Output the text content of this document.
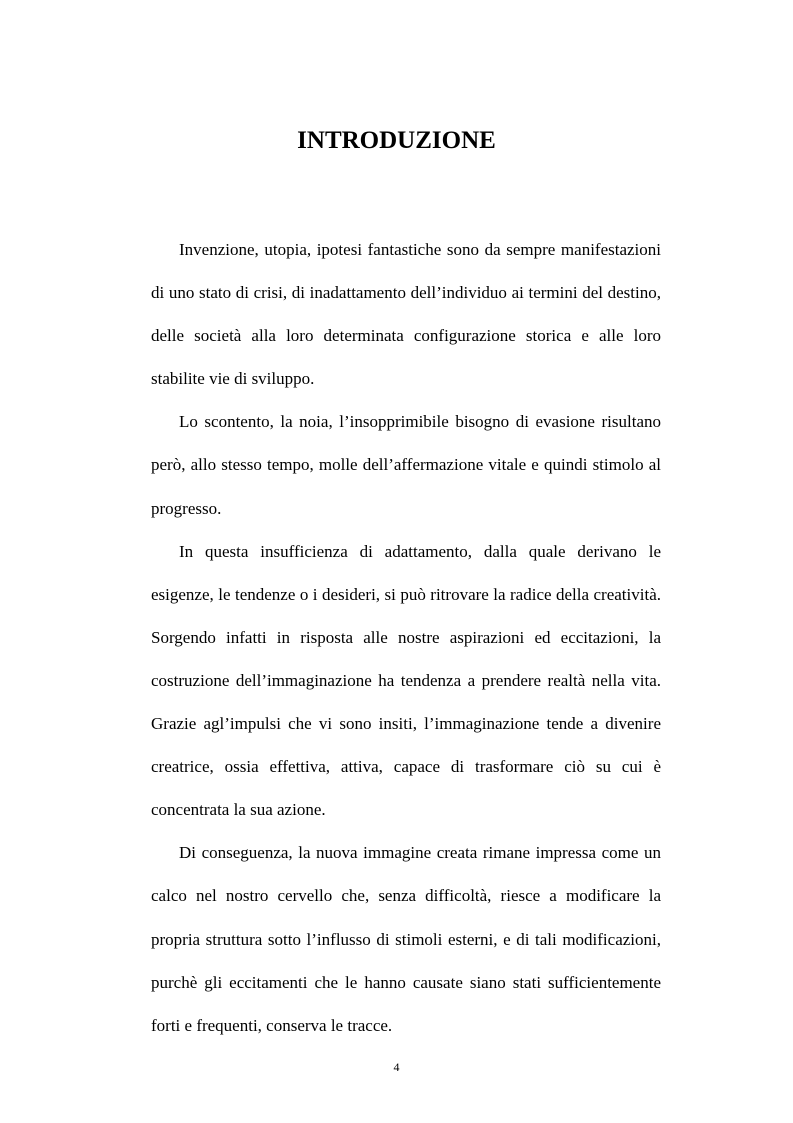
INTRODUZIONE

Invenzione, utopia, ipotesi fantastiche sono da sempre manifestazioni di uno stato di crisi, di inadattamento dell’individuo ai termini del destino, delle società alla loro determinata configurazione storica e alle loro stabilite vie di sviluppo.

Lo scontento, la noia, l’insopprimibile bisogno di evasione risultano però, allo stesso tempo, molle dell’affermazione vitale e quindi stimolo al progresso.

In questa insufficienza di adattamento, dalla quale derivano le esigenze, le tendenze o i desideri, si può ritrovare la radice della creatività. Sorgendo infatti in risposta alle nostre aspirazioni ed eccitazioni, la costruzione dell’immaginazione ha tendenza a prendere realtà nella vita. Grazie agl’impulsi che vi sono insiti, l’immaginazione tende a divenire creatrice, ossia effettiva, attiva, capace di trasformare ciò su cui è concentrata la sua azione.

Di conseguenza, la nuova immagine creata rimane impressa come un calco nel nostro cervello che, senza difficoltà, riesce a modificare la propria struttura sotto l’influsso di stimoli esterni, e di tali modificazioni, purchè gli eccitamenti che le hanno causate siano stati sufficientemente forti e frequenti, conserva le tracce.

4
